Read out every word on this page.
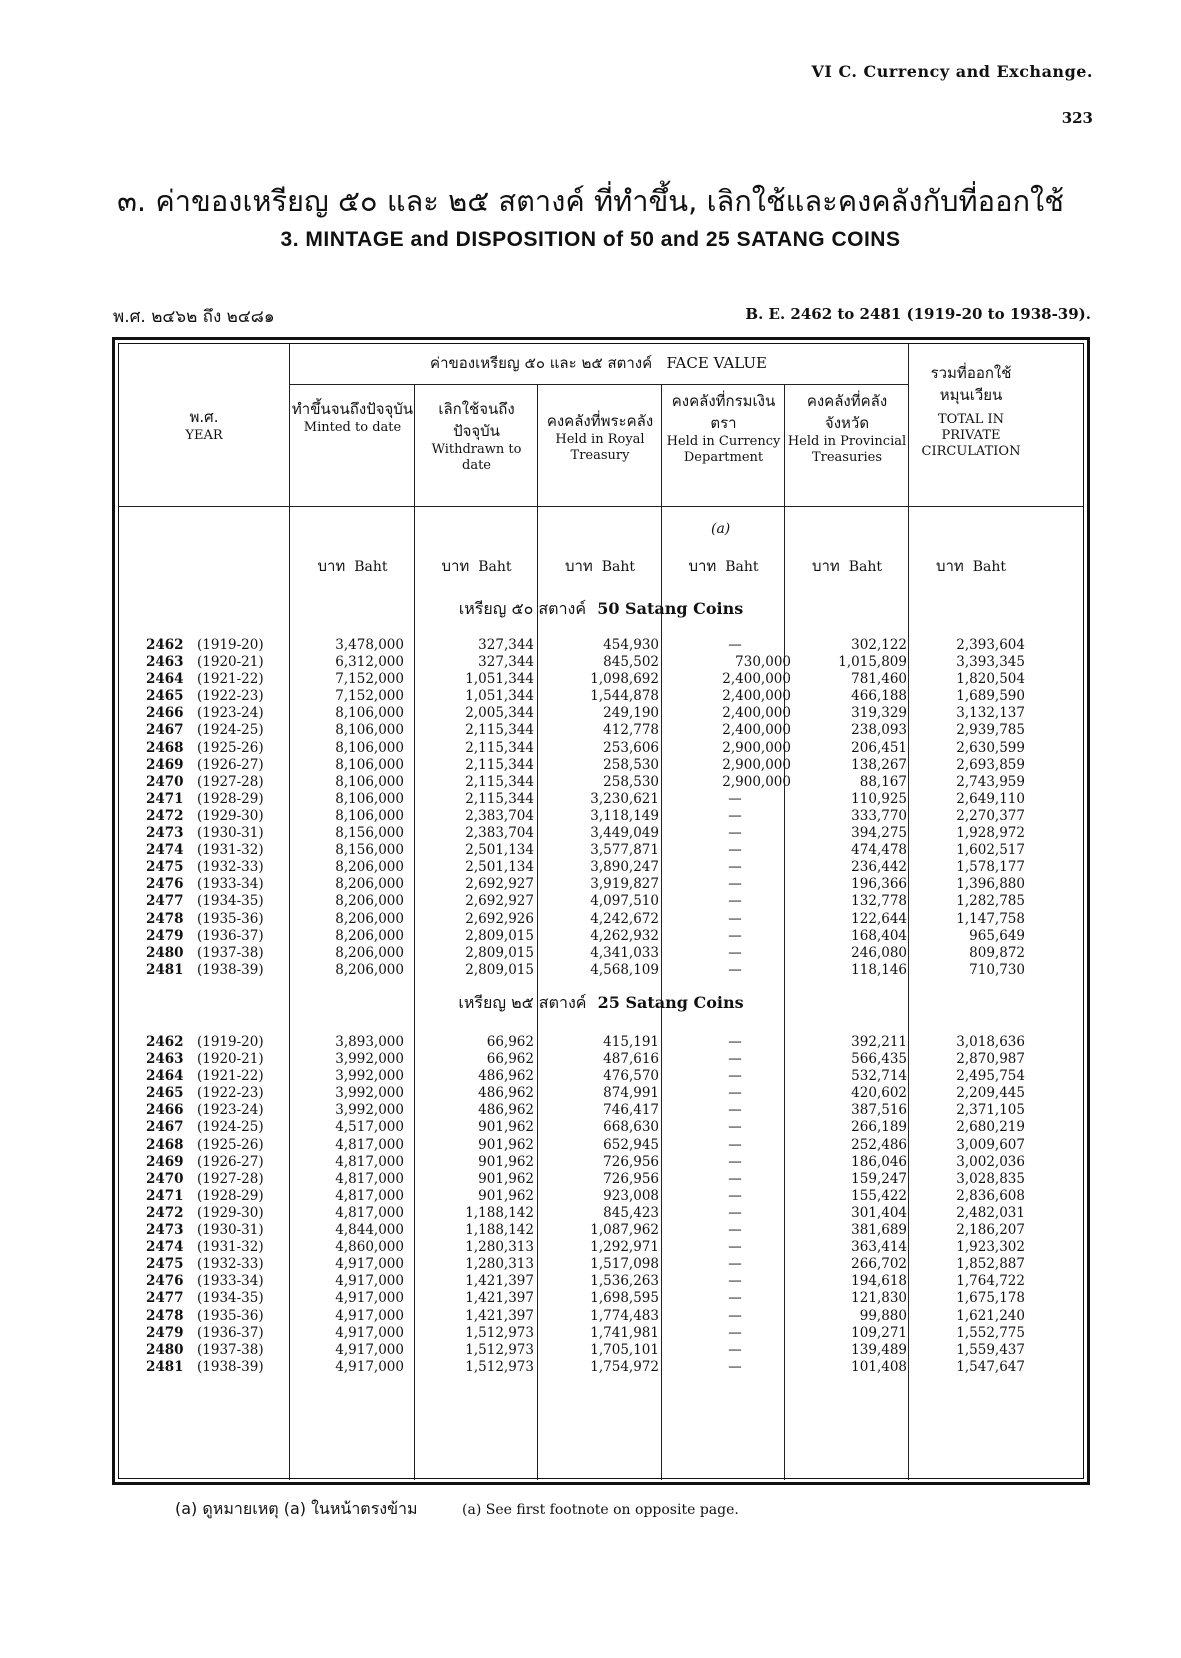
VI C. Currency and Exchange.
323
๓. ค่าของเหรียญ ๕๐ และ ๒๕ สตางค์ ที่ทำขึ้น, เลิกใช้และคงคลังกับที่ออกใช้
3. MINTAGE and DISPOSITION of 50 and 25 SATANG COINS
พ.ศ. ๒๔๖๒ ถึง ๒๔๘๑	B. E. 2462 to 2481 (1919-20 to 1938-39).
พ.ศ.
YEAR
ค่าของเหรียญ ๕๐ และ ๒๕ สตางค์ FACE VALUE
ทำขึ้นจนถึงปัจจุบัน
Minted to date
เลิกใช้จนถึงปัจจุบัน
Withdrawn to date
คงคลังที่พระคลัง
Held in Royal Treasury
คงคลังที่กรมเงินตรา
Held in Currency Department
คงคลังที่คลังจังหวัด
Held in Provincial Treasuries
รวมที่ออกใช้หมุนเวียน
TOTAL IN PRIVATE CIRCULATION
(a)
บาท Baht	บาท Baht	บาท Baht	บาท Baht	บาท Baht	บาท Baht
เหรียญ ๕๐ สตางค์ 50 Satang Coins
2462 (1919-20)	3,478,000	327,344	454,930	—	302,122	2,393,604
2463 (1920-21)	6,312,000	327,344	845,502	730,000	1,015,809	3,393,345
2464 (1921-22)	7,152,000	1,051,344	1,098,692	2,400,000	781,460	1,820,504
2465 (1922-23)	7,152,000	1,051,344	1,544,878	2,400,000	466,188	1,689,590
2466 (1923-24)	8,106,000	2,005,344	249,190	2,400,000	319,329	3,132,137
2467 (1924-25)	8,106,000	2,115,344	412,778	2,400,000	238,093	2,939,785
2468 (1925-26)	8,106,000	2,115,344	253,606	2,900,000	206,451	2,630,599
2469 (1926-27)	8,106,000	2,115,344	258,530	2,900,000	138,267	2,693,859
2470 (1927-28)	8,106,000	2,115,344	258,530	2,900,000	88,167	2,743,959
2471 (1928-29)	8,106,000	2,115,344	3,230,621	—	110,925	2,649,110
2472 (1929-30)	8,106,000	2,383,704	3,118,149	—	333,770	2,270,377
2473 (1930-31)	8,156,000	2,383,704	3,449,049	—	394,275	1,928,972
2474 (1931-32)	8,156,000	2,501,134	3,577,871	—	474,478	1,602,517
2475 (1932-33)	8,206,000	2,501,134	3,890,247	—	236,442	1,578,177
2476 (1933-34)	8,206,000	2,692,927	3,919,827	—	196,366	1,396,880
2477 (1934-35)	8,206,000	2,692,927	4,097,510	—	132,778	1,282,785
2478 (1935-36)	8,206,000	2,692,926	4,242,672	—	122,644	1,147,758
2479 (1936-37)	8,206,000	2,809,015	4,262,932	—	168,404	965,649
2480 (1937-38)	8,206,000	2,809,015	4,341,033	—	246,080	809,872
2481 (1938-39)	8,206,000	2,809,015	4,568,109	—	118,146	710,730
เหรียญ ๒๕ สตางค์ 25 Satang Coins
2462 (1919-20)	3,893,000	66,962	415,191	—	392,211	3,018,636
2463 (1920-21)	3,992,000	66,962	487,616	—	566,435	2,870,987
2464 (1921-22)	3,992,000	486,962	476,570	—	532,714	2,495,754
2465 (1922-23)	3,992,000	486,962	874,991	—	420,602	2,209,445
2466 (1923-24)	3,992,000	486,962	746,417	—	387,516	2,371,105
2467 (1924-25)	4,517,000	901,962	668,630	—	266,189	2,680,219
2468 (1925-26)	4,817,000	901,962	652,945	—	252,486	3,009,607
2469 (1926-27)	4,817,000	901,962	726,956	—	186,046	3,002,036
2470 (1927-28)	4,817,000	901,962	726,956	—	159,247	3,028,835
2471 (1928-29)	4,817,000	901,962	923,008	—	155,422	2,836,608
2472 (1929-30)	4,817,000	1,188,142	845,423	—	301,404	2,482,031
2473 (1930-31)	4,844,000	1,188,142	1,087,962	—	381,689	2,186,207
2474 (1931-32)	4,860,000	1,280,313	1,292,971	—	363,414	1,923,302
2475 (1932-33)	4,917,000	1,280,313	1,517,098	—	266,702	1,852,887
2476 (1933-34)	4,917,000	1,421,397	1,536,263	—	194,618	1,764,722
2477 (1934-35)	4,917,000	1,421,397	1,698,595	—	121,830	1,675,178
2478 (1935-36)	4,917,000	1,421,397	1,774,483	—	99,880	1,621,240
2479 (1936-37)	4,917,000	1,512,973	1,741,981	—	109,271	1,552,775
2480 (1937-38)	4,917,000	1,512,973	1,705,101	—	139,489	1,559,437
2481 (1938-39)	4,917,000	1,512,973	1,754,972	—	101,408	1,547,647
(a) ดูหมายเหตุ (a) ในหน้าตรงข้าม	(a) See first footnote on opposite page.
